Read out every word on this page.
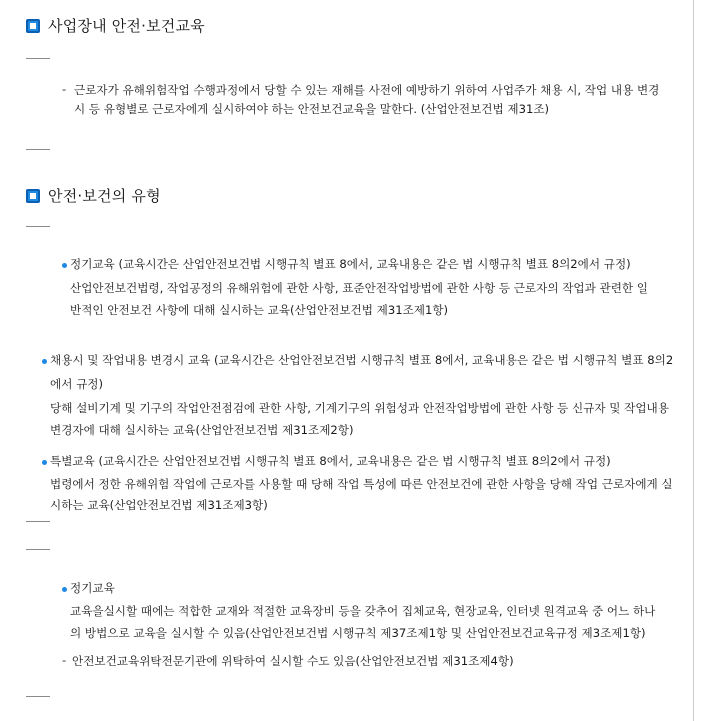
사업장내 안전·보건교육
- 근로자가 유해위험작업 수행과정에서 당할 수 있는 재해를 사전에 예방하기 위하여 사업주가 채용 시, 작업 내용 변경
시 등 유형별로 근로자에게 실시하여야 하는 안전보건교육을 말한다. (산업안전보건법 제31조)
안전·보건의 유형
정기교육 (교육시간은 산업안전보건법 시행규칙 별표 8에서, 교육내용은 같은 법 시행규칙 별표 8의2에서 규정)
산업안전보건법령, 작업공정의 유해위험에 관한 사항, 표준안전작업방법에 관한 사항 등 근로자의 작업과 관련한 일
반적인 안전보건 사항에 대해 실시하는 교육(산업안전보건법 제31조제1항)
채용시 및 작업내용 변경시 교육 (교육시간은 산업안전보건법 시행규칙 별표 8에서, 교육내용은 같은 법 시행규칙 별표 8의2
에서 규정)
당해 설비기계 및 기구의 작업안전점검에 관한 사항, 기계기구의 위험성과 안전작업방법에 관한 사항 등 신규자 및 작업내용
변경자에 대해 실시하는 교육(산업안전보건법 제31조제2항)
특별교육 (교육시간은 산업안전보건법 시행규칙 별표 8에서, 교육내용은 같은 법 시행규칙 별표 8의2에서 규정)
법령에서 정한 유해위험 작업에 근로자를 사용할 때 당해 작업 특성에 따른 안전보건에 관한 사항을 당해 작업 근로자에게 실
시하는 교육(산업안전보건법 제31조제3항)
정기교육
교육을실시할 때에는 적합한 교재와 적절한 교육장비 등을 갖추어 집체교육, 현장교육, 인터넷 원격교육 중 어느 하나
의 방법으로 교육을 실시할 수 있음(산업안전보건법 시행규칙 제37조제1항 및 산업안전보건교육규정 제3조제1항)
- 안전보건교육위탁전문기관에 위탁하여 실시할 수도 있음(산업안전보건법 제31조제4항)
